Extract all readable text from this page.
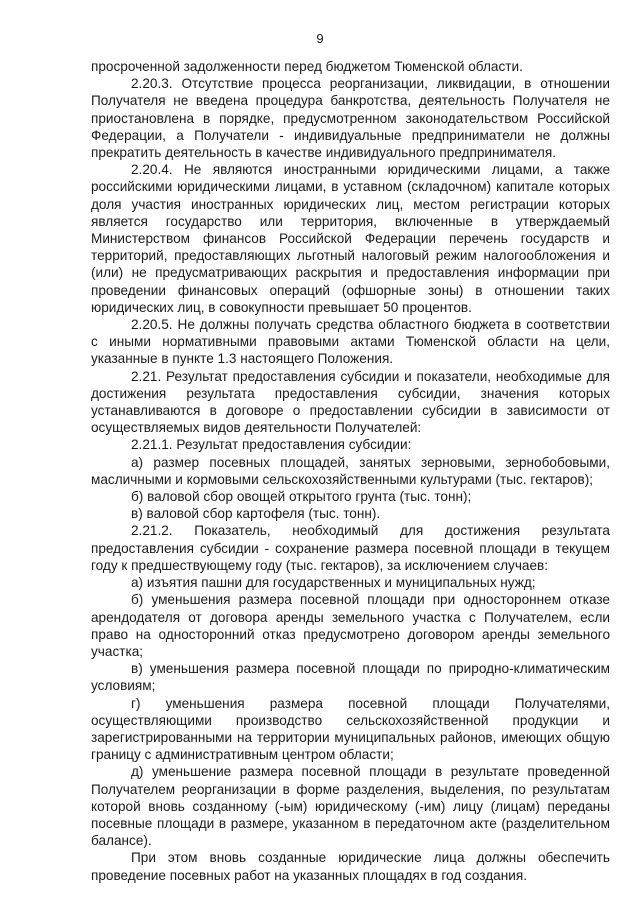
9

просроченной задолженности перед бюджетом Тюменской области.

2.20.3. Отсутствие процесса реорганизации, ликвидации, в отношении Получателя не введена процедура банкротства, деятельность Получателя не приостановлена в порядке, предусмотренном законодательством Российской Федерации, а Получатели - индивидуальные предприниматели не должны прекратить деятельность в качестве индивидуального предпринимателя.

2.20.4. Не являются иностранными юридическими лицами, а также российскими юридическими лицами, в уставном (складочном) капитале которых доля участия иностранных юридических лиц, местом регистрации которых является государство или территория, включенные в утверждаемый Министерством финансов Российской Федерации перечень государств и территорий, предоставляющих льготный налоговый режим налогообложения и (или) не предусматривающих раскрытия и предоставления информации при проведении финансовых операций (офшорные зоны) в отношении таких юридических лиц, в совокупности превышает 50 процентов.

2.20.5. Не должны получать средства областного бюджета в соответствии с иными нормативными правовыми актами Тюменской области на цели, указанные в пункте 1.3 настоящего Положения.

2.21. Результат предоставления субсидии и показатели, необходимые для достижения результата предоставления субсидии, значения которых устанавливаются в договоре о предоставлении субсидии в зависимости от осуществляемых видов деятельности Получателей:

2.21.1. Результат предоставления субсидии:

а) размер посевных площадей, занятых зерновыми, зернобобовыми, масличными и кормовыми сельскохозяйственными культурами (тыс. гектаров);

б) валовой сбор овощей открытого грунта (тыс. тонн);

в) валовой сбор картофеля (тыс. тонн).

2.21.2. Показатель, необходимый для достижения результата предоставления субсидии - сохранение размера посевной площади в текущем году к предшествующему году (тыс. гектаров), за исключением случаев:

а) изъятия пашни для государственных и муниципальных нужд;

б) уменьшения размера посевной площади при одностороннем отказе арендодателя от договора аренды земельного участка с Получателем, если право на односторонний отказ предусмотрено договором аренды земельного участка;

в) уменьшения размера посевной площади по природно-климатическим условиям;

г) уменьшения размера посевной площади Получателями, осуществляющими производство сельскохозяйственной продукции и зарегистрированными на территории муниципальных районов, имеющих общую границу с административным центром области;

д) уменьшение размера посевной площади в результате проведенной Получателем реорганизации в форме разделения, выделения, по результатам которой вновь созданному (-ым) юридическому (-им) лицу (лицам) переданы посевные площади в размере, указанном в передаточном акте (разделительном балансе).

При этом вновь созданные юридические лица должны обеспечить проведение посевных работ на указанных площадях в год создания.
